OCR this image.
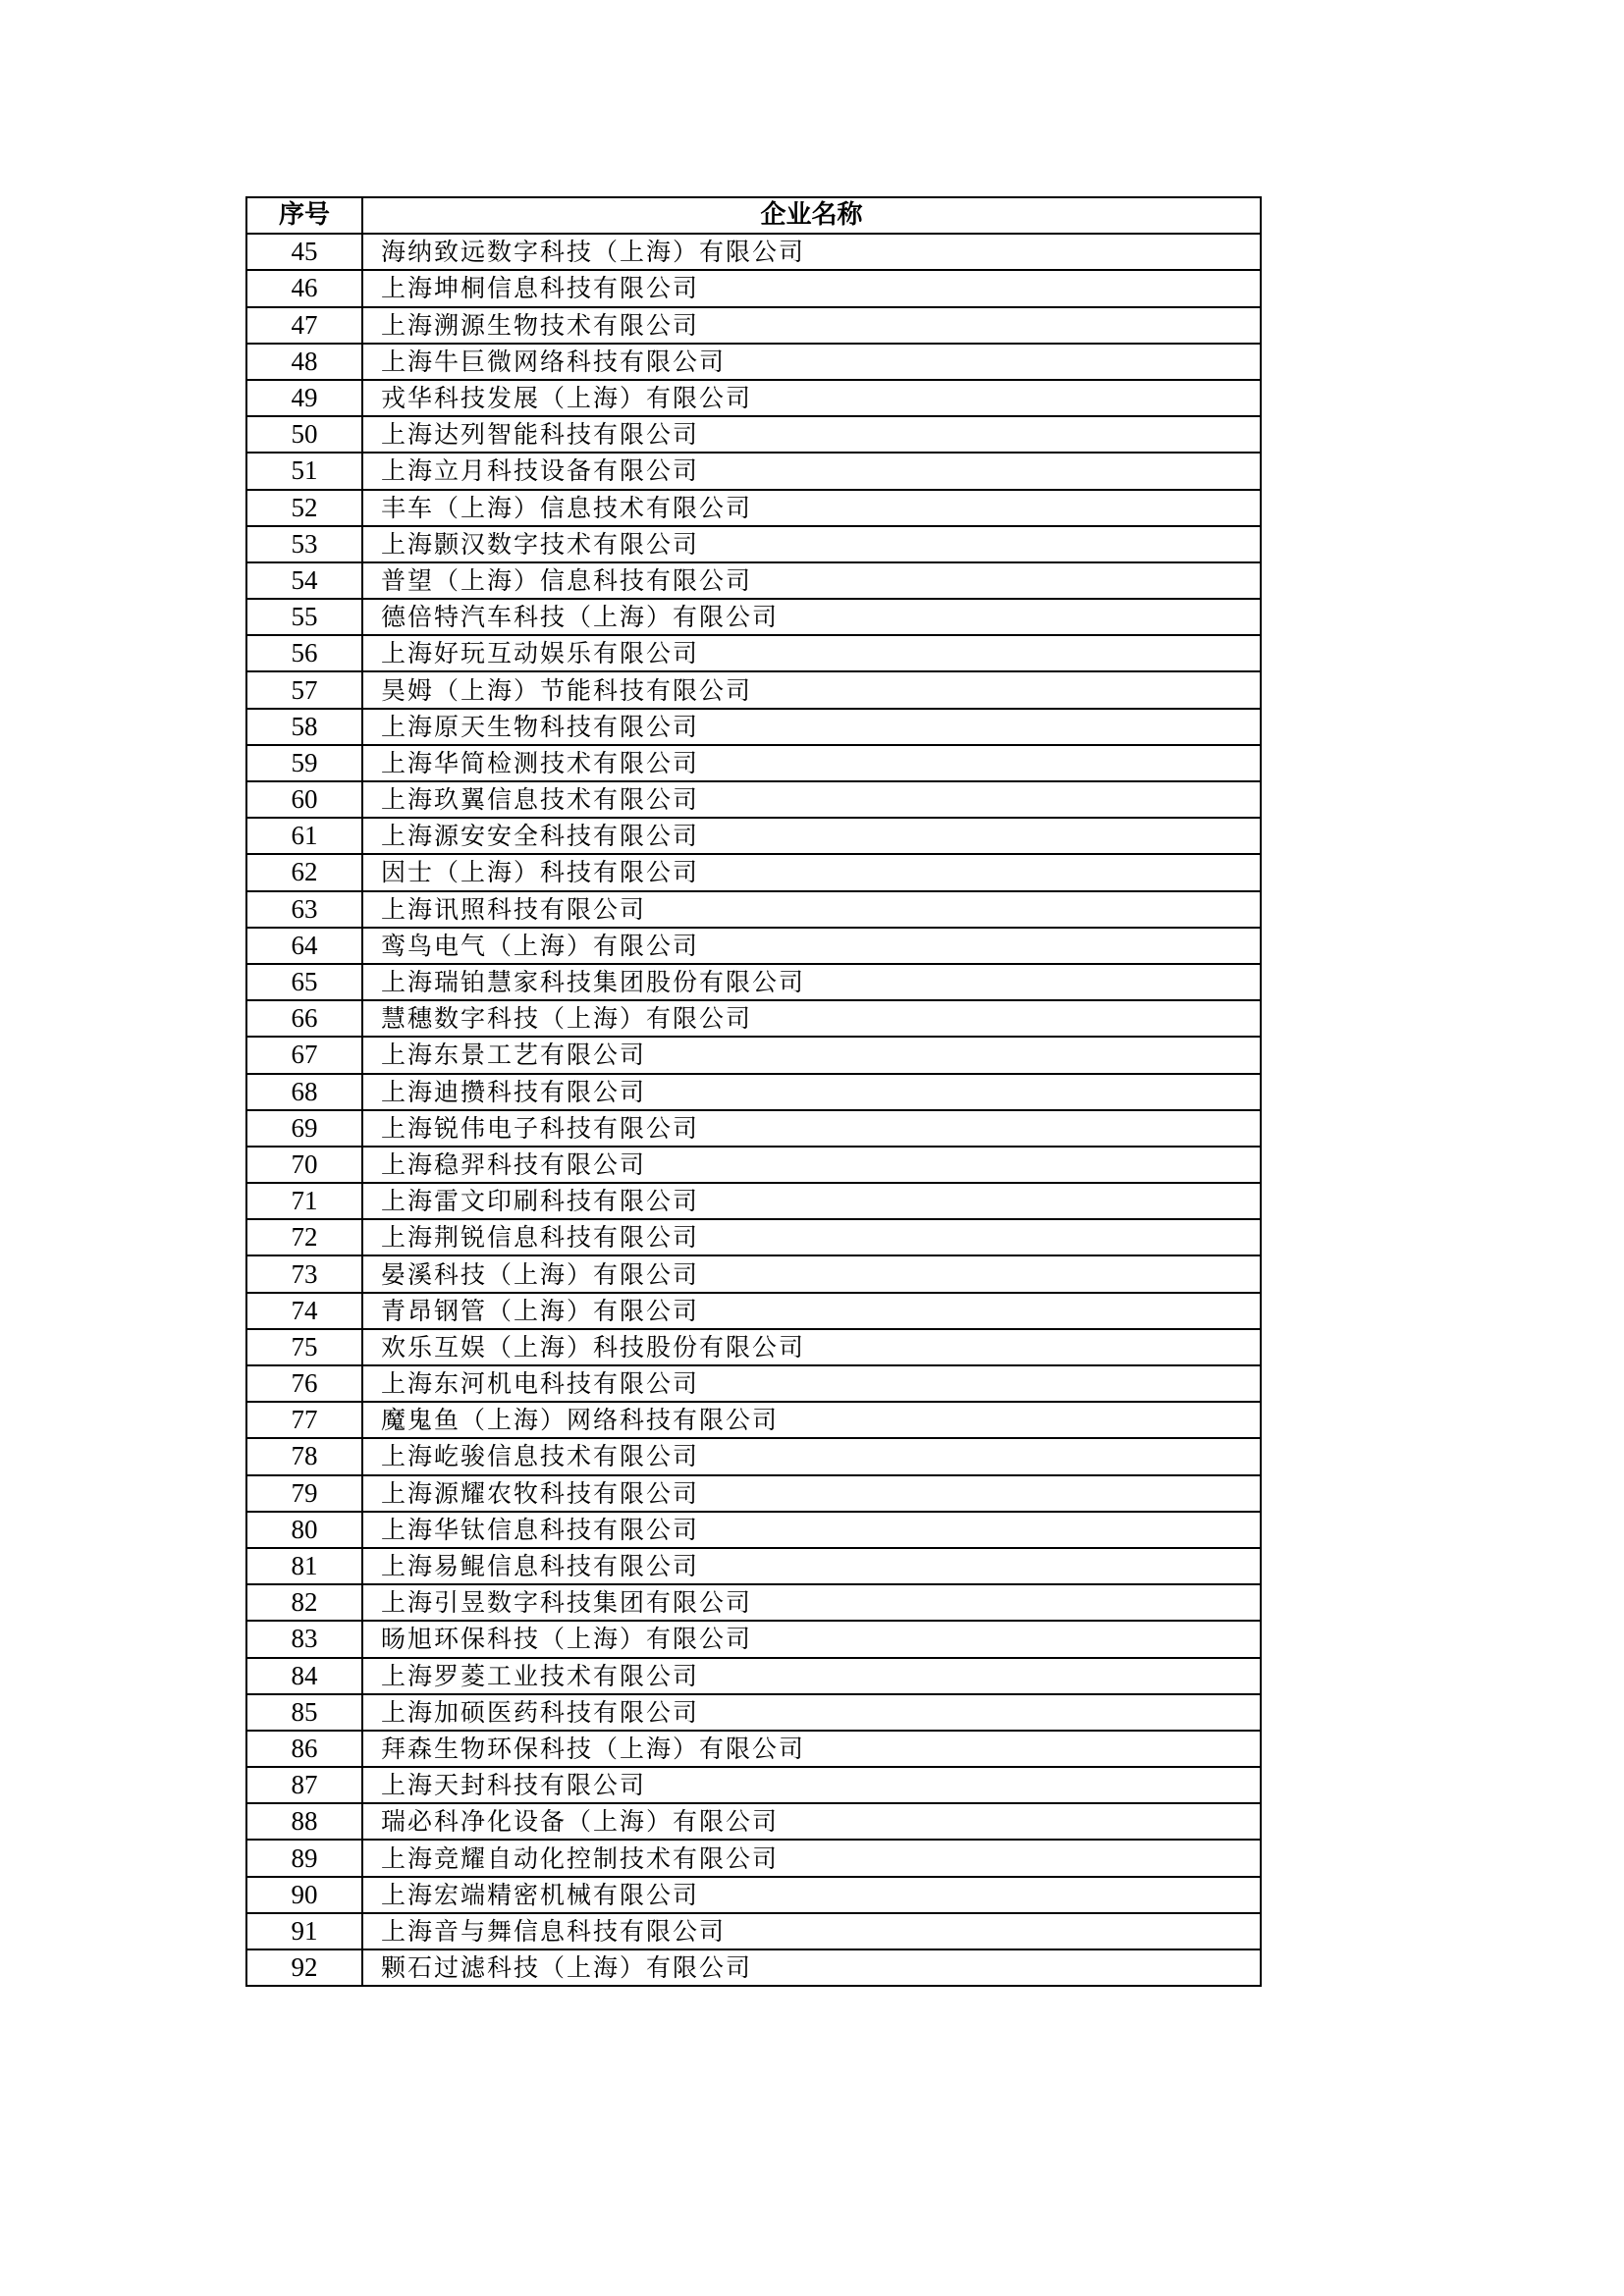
序号	企业名称
45	海纳致远数字科技（上海）有限公司
46	上海坤桐信息科技有限公司
47	上海溯源生物技术有限公司
48	上海牛巨微网络科技有限公司
49	戎华科技发展（上海）有限公司
50	上海达列智能科技有限公司
51	上海立月科技设备有限公司
52	丰车（上海）信息技术有限公司
53	上海颢汉数字技术有限公司
54	普望（上海）信息科技有限公司
55	德倍特汽车科技（上海）有限公司
56	上海好玩互动娱乐有限公司
57	昊姆（上海）节能科技有限公司
58	上海原天生物科技有限公司
59	上海华简检测技术有限公司
60	上海玖翼信息技术有限公司
61	上海源安安全科技有限公司
62	因士（上海）科技有限公司
63	上海讯照科技有限公司
64	鸾鸟电气（上海）有限公司
65	上海瑞铂慧家科技集团股份有限公司
66	慧穗数字科技（上海）有限公司
67	上海东景工艺有限公司
68	上海迪攒科技有限公司
69	上海锐伟电子科技有限公司
70	上海稳羿科技有限公司
71	上海雷文印刷科技有限公司
72	上海荆锐信息科技有限公司
73	晏溪科技（上海）有限公司
74	青昂钢管（上海）有限公司
75	欢乐互娱（上海）科技股份有限公司
76	上海东河机电科技有限公司
77	魔鬼鱼（上海）网络科技有限公司
78	上海屹骏信息技术有限公司
79	上海源耀农牧科技有限公司
80	上海华钛信息科技有限公司
81	上海易鲲信息科技有限公司
82	上海引昱数字科技集团有限公司
83	旸旭环保科技（上海）有限公司
84	上海罗菱工业技术有限公司
85	上海加硕医药科技有限公司
86	拜森生物环保科技（上海）有限公司
87	上海天封科技有限公司
88	瑞必科净化设备（上海）有限公司
89	上海竞耀自动化控制技术有限公司
90	上海宏端精密机械有限公司
91	上海音与舞信息科技有限公司
92	颗石过滤科技（上海）有限公司
